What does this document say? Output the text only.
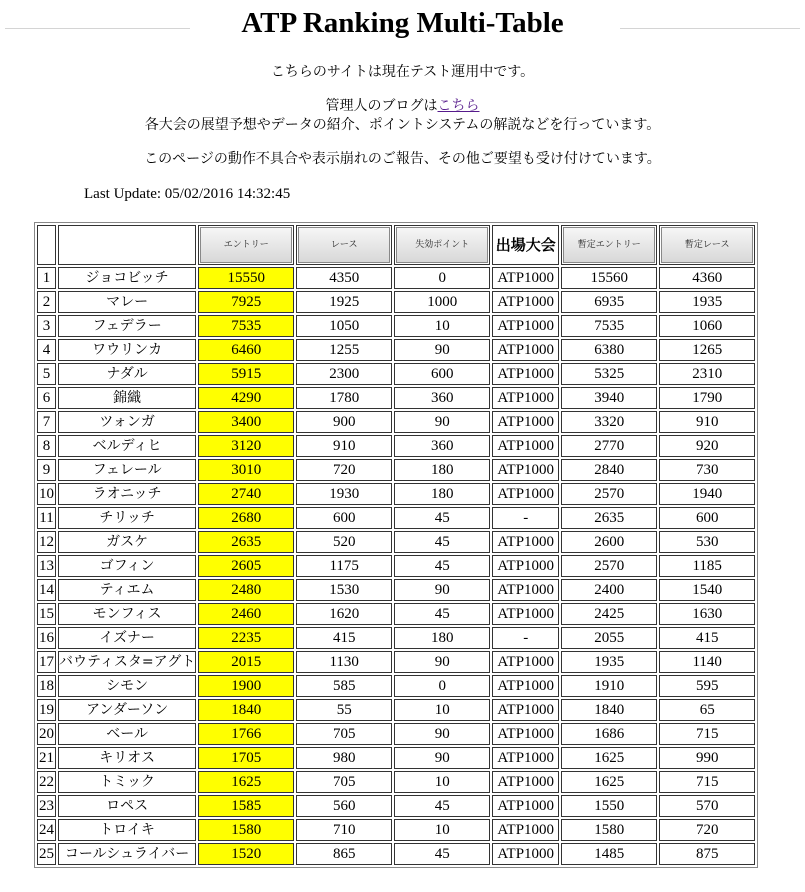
ATP Ranking Multi-Table
こちらのサイトは現在テスト運用中です。
管理人のブログはこちら
各大会の展望予想やデータの紹介、ポイントシステムの解説などを行っています。
このページの動作不具合や表示崩れのご報告、その他ご要望も受け付けています。
Last Update: 05/02/2016 14:32:45

		エントリー	レース	失効ポイント	出場大会	暫定エントリー	暫定レース

1	ジョコビッチ	15550	4350	0	ATP1000	15560	4360
2	マレー	7925	1925	1000	ATP1000	6935	1935
3	フェデラー	7535	1050	10	ATP1000	7535	1060
4	ワウリンカ	6460	1255	90	ATP1000	6380	1265
5	ナダル	5915	2300	600	ATP1000	5325	2310
6	錦織	4290	1780	360	ATP1000	3940	1790
7	ツォンガ	3400	900	90	ATP1000	3320	910
8	ベルディヒ	3120	910	360	ATP1000	2770	920
9	フェレール	3010	720	180	ATP1000	2840	730
10	ラオニッチ	2740	1930	180	ATP1000	2570	1940
11	チリッチ	2680	600	45	-	2635	600
12	ガスケ	2635	520	45	ATP1000	2600	530
13	ゴフィン	2605	1175	45	ATP1000	2570	1185
14	ティエム	2480	1530	90	ATP1000	2400	1540
15	モンフィス	2460	1620	45	ATP1000	2425	1630
16	イズナー	2235	415	180	-	2055	415
17	バウティスタ=アグト	2015	1130	90	ATP1000	1935	1140
18	シモン	1900	585	0	ATP1000	1910	595
19	アンダーソン	1840	55	10	ATP1000	1840	65
20	ベール	1766	705	90	ATP1000	1686	715
21	キリオス	1705	980	90	ATP1000	1625	990
22	トミック	1625	705	10	ATP1000	1625	715
23	ロペス	1585	560	45	ATP1000	1550	570
24	トロイキ	1580	710	10	ATP1000	1580	720
25	コールシュライバー	1520	865	45	ATP1000	1485	875
